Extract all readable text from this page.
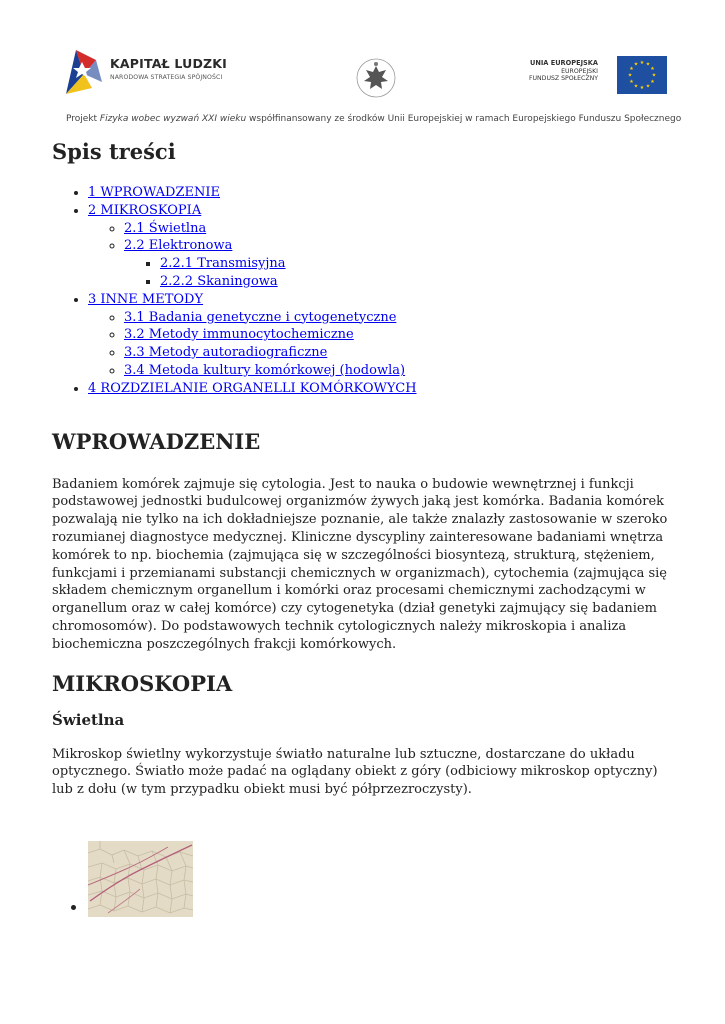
KAPITAŁ LUDZKI
NARODOWA STRATEGIA SPÓJNOŚCI
UNIA EUROPEJSKA
EUROPEJSKI
FUNDUSZ SPOŁECZNY
★ ★
★
★
★
★
★
★
★
★
★
★
Projekt Fizyka wobec wyzwań XXI wieku współfinansowany ze środków Unii Europejskiej w ramach Europejskiego Funduszu Społecznego
Spis treści
• 1 WPROWADZENIE
• 2 MIKROSKOPIA
◦ 2.1 Świetlna
◦ 2.2 Elektronowa
▪ 2.2.1 Transmisyjna
▪ 2.2.2 Skaningowa
• 3 INNE METODY
◦ 3.1 Badania genetyczne i cytogenetyczne
◦ 3.2 Metody immunocytochemiczne
◦ 3.3 Metody autoradiograficzne
◦ 3.4 Metoda kultury komórkowej (hodowla)
• 4 ROZDZIELANIE ORGANELLI KOMÓRKOWYCH
WPROWADZENIE

Badaniem komórek zajmuje się cytologia. Jest to nauka o budowie wewnętrznej i funkcji podstawowej jednostki budulcowej organizmów żywych jaką jest komórka. Badania komórek pozwalają nie tylko na ich dokładniejsze poznanie, ale także znalazły zastosowanie w szeroko rozumianej diagnostyce medycznej. Kliniczne dyscypliny zainteresowane badaniami wnętrza komórek to np. biochemia (zajmująca się w szczególności biosyntezą, strukturą, stężeniem, funkcjami i przemianami substancji chemicznych w organizmach), cytochemia (zajmująca się składem chemicznym organellum i komórki oraz procesami chemicznymi zachodzącymi w organellum oraz w całej komórce) czy cytogenetyka (dział genetyki zajmujący się badaniem chromosomów). Do podstawowych technik cytologicznych należy mikroskopia i analiza biochemiczna poszczególnych frakcji komórkowych.

MIKROSKOPIA
Świetlna

Mikroskop świetlny wykorzystuje światło naturalne lub sztuczne, dostarczane do układu optycznego. Światło może padać na oglądany obiekt z góry (odbiciowy mikroskop optyczny) lub z dołu (w tym przypadku obiekt musi być półprzezroczysty).

•
